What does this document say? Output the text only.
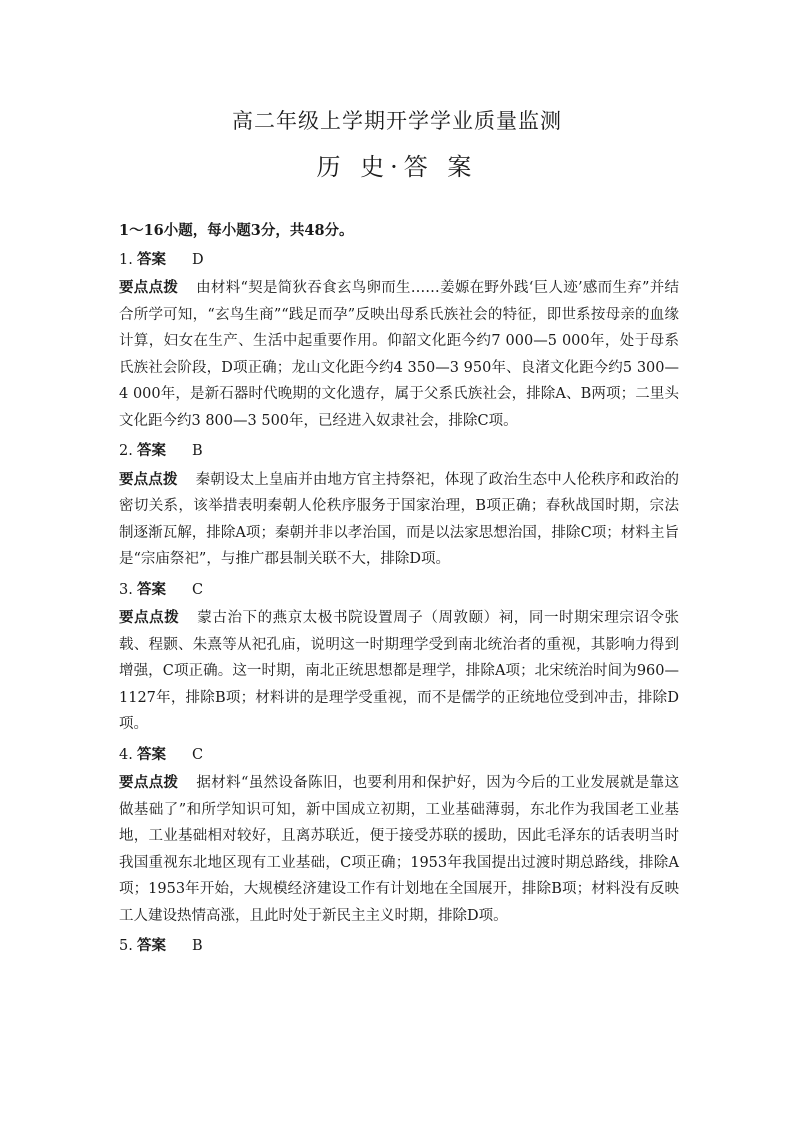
高二年级上学期开学学业质量监测
历 史·答 案

1～16小题，每小题3分，共48分。

1. 答案 D

要点点拨 由材料“契是简狄吞食玄鸟卵而生……姜嫄在野外践‘巨人迹’感而生弃”并结合所学可知，“玄鸟生商”“践足而孕”反映出母系氏族社会的特征，即世系按母亲的血缘计算，妇女在生产、生活中起重要作用。仰韶文化距今约7 000—5 000年，处于母系氏族社会阶段，D项正确；龙山文化距今约4 350—3 950年、良渚文化距今约5 300—4 000年，是新石器时代晚期的文化遗存，属于父系氏族社会，排除A、B两项；二里头文化距今约3 800—3 500年，已经进入奴隶社会，排除C项。

2. 答案 B

要点点拨 秦朝设太上皇庙并由地方官主持祭祀，体现了政治生态中人伦秩序和政治的密切关系，该举措表明秦朝人伦秩序服务于国家治理，B项正确；春秋战国时期，宗法制逐渐瓦解，排除A项；秦朝并非以孝治国，而是以法家思想治国，排除C项；材料主旨是“宗庙祭祀”，与推广郡县制关联不大，排除D项。

3. 答案 C

要点点拨 蒙古治下的燕京太极书院设置周子（周敦颐）祠，同一时期宋理宗诏令张载、程颢、朱熹等从祀孔庙，说明这一时期理学受到南北统治者的重视，其影响力得到增强，C项正确。这一时期，南北正统思想都是理学，排除A项；北宋统治时间为960—1127年，排除B项；材料讲的是理学受重视，而不是儒学的正统地位受到冲击，排除D项。

4. 答案 C

要点点拨 据材料“虽然设备陈旧，也要利用和保护好，因为今后的工业发展就是靠这做基础了”和所学知识可知，新中国成立初期，工业基础薄弱，东北作为我国老工业基地，工业基础相对较好，且离苏联近，便于接受苏联的援助，因此毛泽东的话表明当时我国重视东北地区现有工业基础，C项正确；1953年我国提出过渡时期总路线，排除A项；1953年开始，大规模经济建设工作有计划地在全国展开，排除B项；材料没有反映工人建设热情高涨，且此时处于新民主主义时期，排除D项。

5. 答案 B
